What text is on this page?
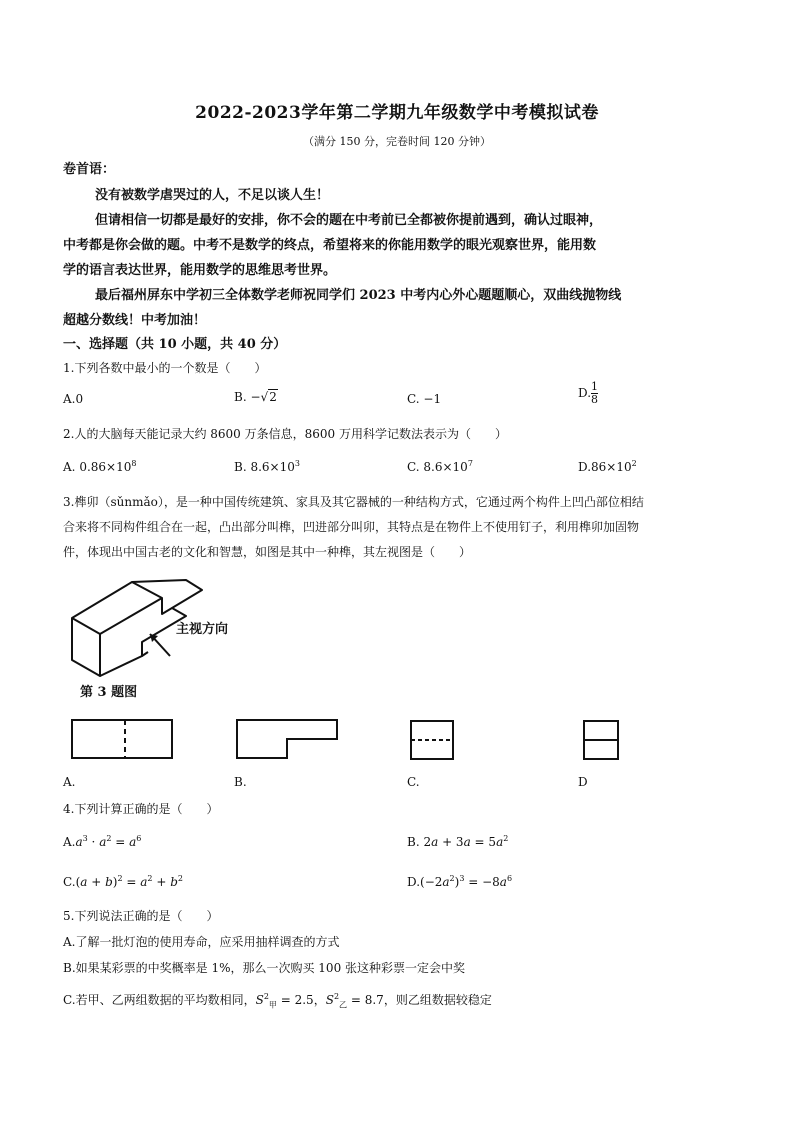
2022-2023学年第二学期九年级数学中考模拟试卷
（满分 150 分，完卷时间 120 分钟）
卷首语：
没有被数学虐哭过的人，不足以谈人生！
但请相信一切都是最好的安排，你不会的题在中考前已全都被你提前遇到，确认过眼神，
中考都是你会做的题。中考不是数学的终点，希望将来的你能用数学的眼光观察世界，能用数
学的语言表达世界，能用数学的思维思考世界。
最后福州屏东中学初三全体数学老师祝同学们 2023 中考内心外心题题顺心，双曲线抛物线
超越分数线！中考加油！
一、选择题（共 10 小题，共 40 分）
1.下列各数中最小的一个数是（　　）
A.0	B. −√2	C. −1	D. $\frac{1}{8}$
2.人的大脑每天能记录大约 8600 万条信息，8600 万用科学记数法表示为（　　）
A. $0.86\times 10^8$	B. $8.6\times 10^3$	C. $8.6\times 10^7$	$D.86\times 10^2$
3.榫卯（sǔnmǎo），是一种中国传统建筑、家具及其它器械的一种结构方式，它通过两个构件上凹凸部位相结
合来将不同构件组合在一起，凸出部分叫榫，凹进部分叫卯，其特点是在物件上不使用钉子，利用榫卯加固物
件，体现出中国古老的文化和智慧，如图是其中一种榫，其左视图是（　　）
主视方向
第 3 题图
A.	B.	C.	D
4.下列计算正确的是（　　）
$A.a^3 \cdot a^2 = a^6$	B. $2a + 3a = 5a^2$
$C.(a + b)^2 = a^2 + b^2$	$D.(-2a^2)^3 = -8a^6$
5.下列说法正确的是（　　）
A.了解一批灯泡的使用寿命，应采用抽样调查的方式
B.如果某彩票的中奖概率是 1%，那么一次购买 100 张这种彩票一定会中奖
C.若甲、乙两组数据的平均数相同，$S^2_甲 = 2.5$，$S^2_乙 = 8.7$，则乙组数据较稳定
